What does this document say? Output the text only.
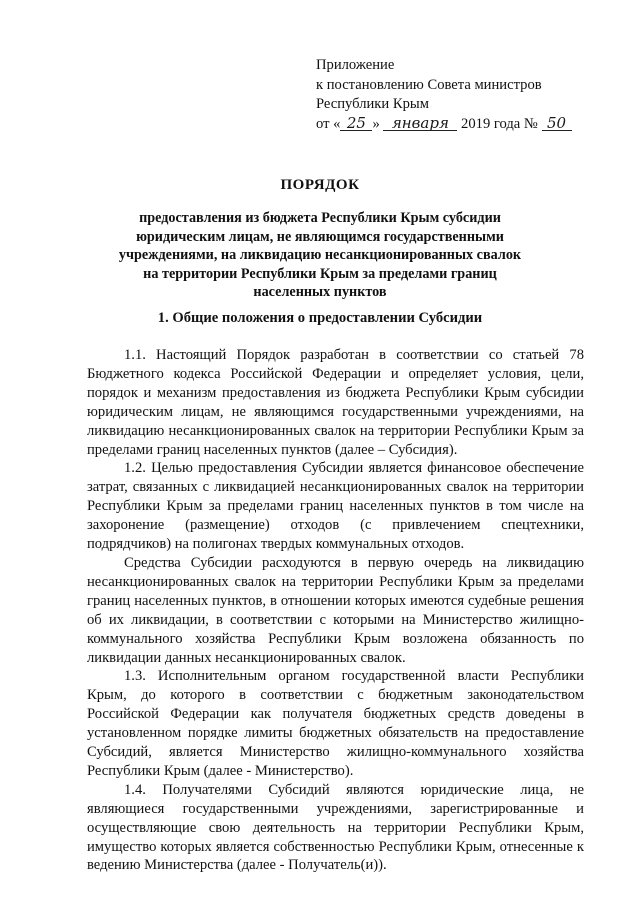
Приложение
к постановлению Совета министров
Республики Крым
от « 25 » января 2019 года № 50
ПОРЯДОК
предоставления из бюджета Республики Крым субсидии юридическим лицам, не являющимся государственными учреждениями, на ликвидацию несанкционированных свалок на территории Республики Крым за пределами границ населенных пунктов
1. Общие положения о предоставлении Субсидии

1.1. Настоящий Порядок разработан в соответствии со статьей 78 Бюджетного кодекса Российской Федерации и определяет условия, цели, порядок и механизм предоставления из бюджета Республики Крым субсидии юридическим лицам, не являющимся государственными учреждениями, на ликвидацию несанкционированных свалок на территории Республики Крым за пределами границ населенных пунктов (далее – Субсидия).

1.2. Целью предоставления Субсидии является финансовое обеспечение затрат, связанных с ликвидацией несанкционированных свалок на территории Республики Крым за пределами границ населенных пунктов в том числе на захоронение (размещение) отходов (с привлечением спецтехники, подрядчиков) на полигонах твердых коммунальных отходов.

Средства Субсидии расходуются в первую очередь на ликвидацию несанкционированных свалок на территории Республики Крым за пределами границ населенных пунктов, в отношении которых имеются судебные решения об их ликвидации, в соответствии с которыми на Министерство жилищно-коммунального хозяйства Республики Крым возложена обязанность по ликвидации данных несанкционированных свалок.

1.3. Исполнительным органом государственной власти Республики Крым, до которого в соответствии с бюджетным законодательством Российской Федерации как получателя бюджетных средств доведены в установленном порядке лимиты бюджетных обязательств на предоставление Субсидий, является Министерство жилищно-коммунального хозяйства Республики Крым (далее - Министерство).

1.4. Получателями Субсидий являются юридические лица, не являющиеся государственными учреждениями, зарегистрированные и осуществляющие свою деятельность на территории Республики Крым, имущество которых является собственностью Республики Крым, отнесенные к ведению Министерства (далее - Получатель(и)).
